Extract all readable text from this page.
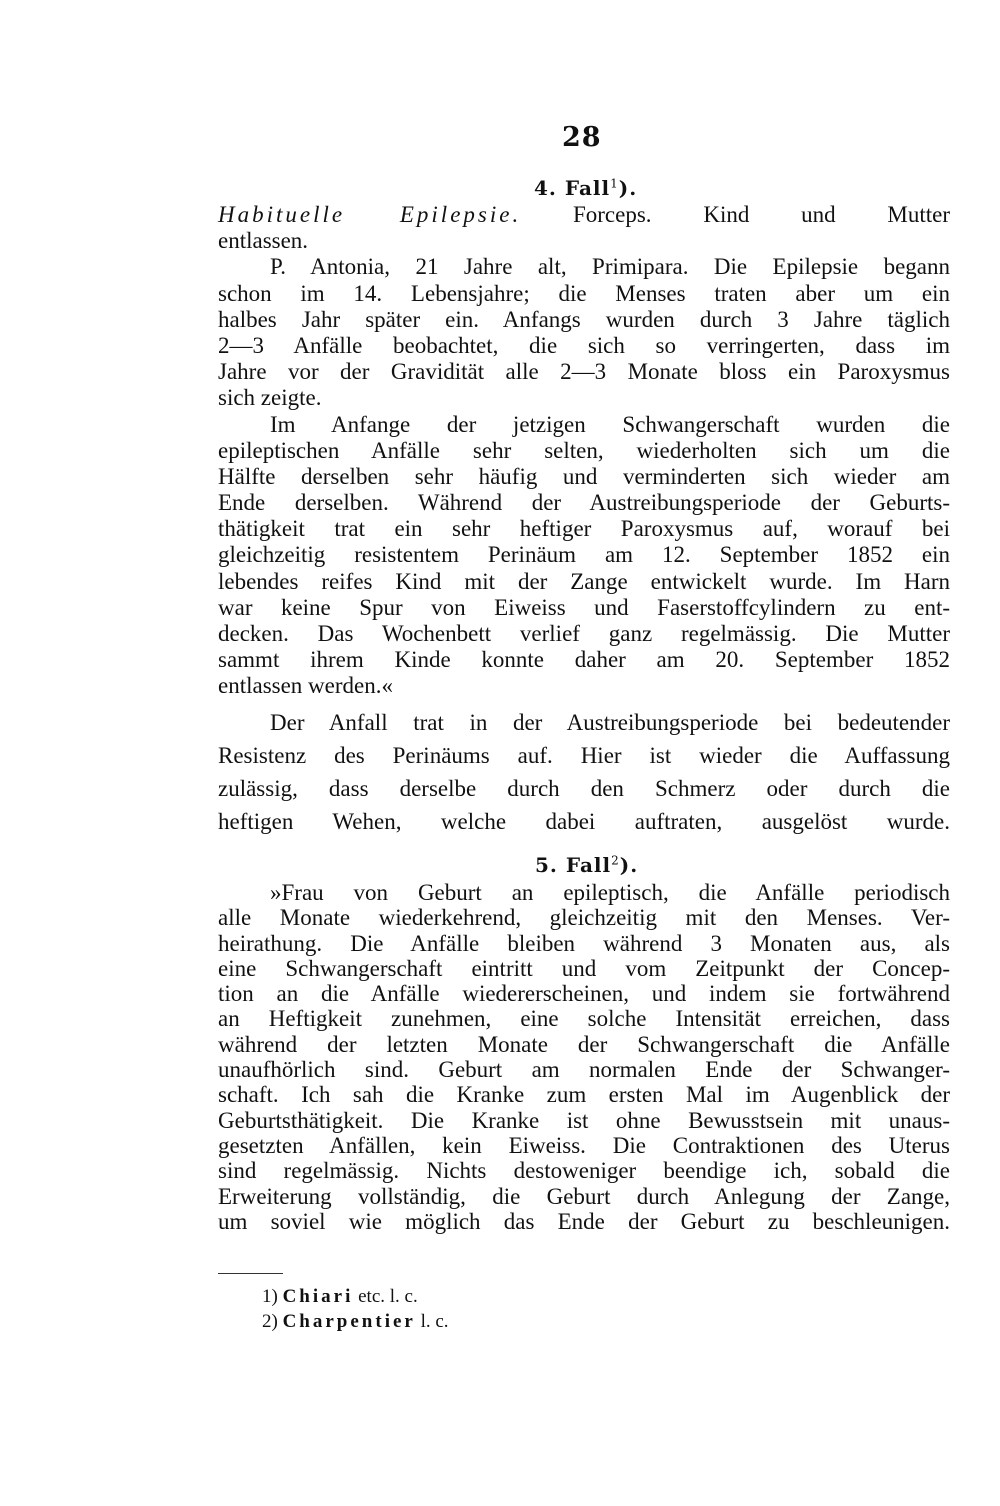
28
4. Fall$^1$).
Habituelle Epilepsie. Forceps. Kind und Mutter
entlassen.
P. Antonia, 21 Jahre alt, Primipara. Die Epilepsie begann
schon im 14. Lebensjahre; die Menses traten aber um ein
halbes Jahr später ein. Anfangs wurden durch 3 Jahre täglich
2—3 Anfälle beobachtet, die sich so verringerten, dass im
Jahre vor der Gravidität alle 2—3 Monate bloss ein Paroxysmus
sich zeigte.
Im Anfange der jetzigen Schwangerschaft wurden die
epileptischen Anfälle sehr selten, wiederholten sich um die
Hälfte derselben sehr häufig und verminderten sich wieder am
Ende derselben. Während der Austreibungsperiode der Geburts-
thätigkeit trat ein sehr heftiger Paroxysmus auf, worauf bei
gleichzeitig resistentem Perinäum am 12. September 1852 ein
lebendes reifes Kind mit der Zange entwickelt wurde. Im Harn
war keine Spur von Eiweiss und Faserstoffcylindern zu ent-
decken. Das Wochenbett verlief ganz regelmässig. Die Mutter
sammt ihrem Kinde konnte daher am 20. September 1852
entlassen werden.«
Der Anfall trat in der Austreibungsperiode bei bedeutender
Resistenz des Perinäums auf. Hier ist wieder die Auffassung
zulässig, dass derselbe durch den Schmerz oder durch die
heftigen Wehen, welche dabei auftraten, ausgelöst wurde.
5. Fall$^2$).
»Frau von Geburt an epileptisch, die Anfälle periodisch
alle Monate wiederkehrend, gleichzeitig mit den Menses. Ver-
heirathung. Die Anfälle bleiben während 3 Monaten aus, als
eine Schwangerschaft eintritt und vom Zeitpunkt der Concep-
tion an die Anfälle wiedererscheinen, und indem sie fortwährend
an Heftigkeit zunehmen, eine solche Intensität erreichen, dass
während der letzten Monate der Schwangerschaft die Anfälle
unaufhörlich sind. Geburt am normalen Ende der Schwanger-
schaft. Ich sah die Kranke zum ersten Mal im Augenblick der
Geburtsthätigkeit. Die Kranke ist ohne Bewusstsein mit unaus-
gesetzten Anfällen, kein Eiweiss. Die Contraktionen des Uterus
sind regelmässig. Nichts destoweniger beendige ich, sobald die
Erweiterung vollständig, die Geburt durch Anlegung der Zange,
um soviel wie möglich das Ende der Geburt zu beschleunigen.
1) Chiari etc. l. c.
2) Charpentier l. c.
